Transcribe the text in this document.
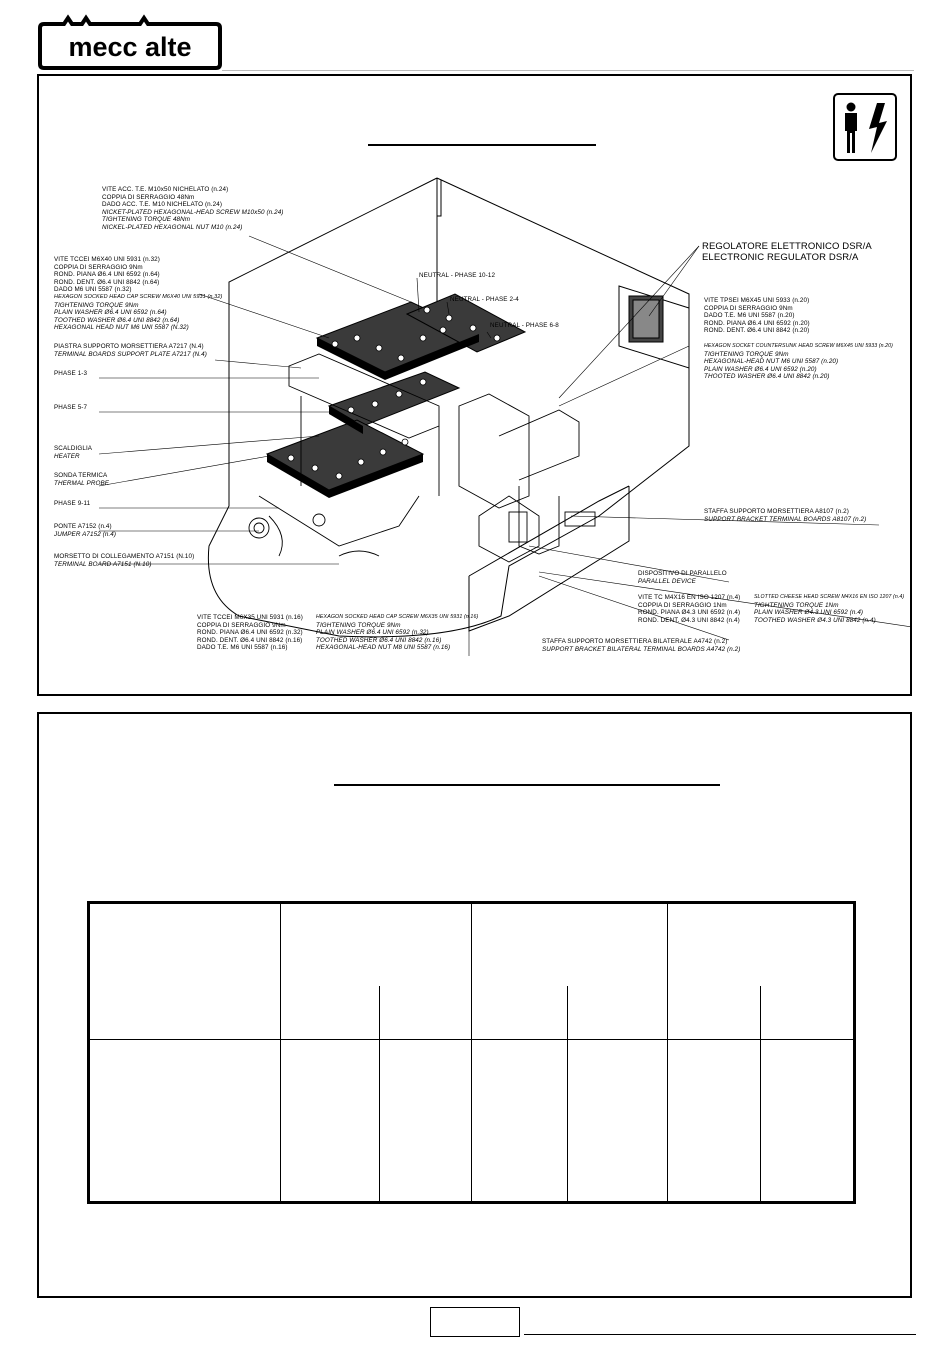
mecc alte
VITE ACC. T.E. M10x50 NICHELATO (n.24)
COPPIA DI SERRAGGIO 48Nm
DADO ACC. T.E. M10 NICHELATO (n.24)
NICKET-PLATED HEXAGONAL-HEAD SCREW M10x50 (n.24)
TIGHTENING TORQUE 48Nm
NICKEL-PLATED HEXAGONAL NUT M10 (n.24)
VITE TCCEI M6X40 UNI 5931 (n.32)
COPPIA DI SERRAGGIO 9Nm
ROND. PIANA Ø6.4 UNI 6592 (n.64)
ROND. DENT. Ø6.4 UNI 8842 (n.64)
DADO M6 UNI 5587 (n.32)
HEXAGON SOCKED HEAD CAP SCREW M6X40 UNI 5931 (n.32)
TIGHTENING TORQUE 9Nm
PLAIN WASHER Ø6.4 UNI 6592 (n.64)
TOOTHED WASHER Ø6.4 UNI 8842 (n.64)
HEXAGONAL HEAD NUT M6 UNI 5587 (N.32)
PIASTRA SUPPORTO MORSETTIERA A7217 (N.4)
TERMINAL BOARDS SUPPORT PLATE A7217 (N.4)
PHASE 1-3
PHASE 5-7
SCALDIGLIA
HEATER
SONDA TERMICA
THERMAL PROBE
PHASE 9-11
PONTE A7152 (n.4)
JUMPER A7152 (n.4)
MORSETTO DI COLLEGAMENTO A7151 (N.10)
TERMINAL BOARD A7151 (N.10)
NEUTRAL - PHASE 10-12
NEUTRAL - PHASE 2-4
NEUTRAL - PHASE 6-8
REGOLATORE ELETTRONICO DSR/A
ELECTRONIC REGULATOR DSR/A
VITE TPSEI M6X45 UNI 5933 (n.20)
COPPIA DI SERRAGGIO 9Nm
DADO T.E. M6 UNI 5587 (n.20)
ROND. PIANA Ø6.4 UNI 6592 (n.20)
ROND. DENT. Ø6.4 UNI 8842 (n.20)
HEXAGON SOCKET COUNTERSUNK HEAD SCREW M6X45 UNI 5933 (n.20)
TIGHTENING TORQUE 9Nm
HEXAGONAL-HEAD NUT M6 UNI 5587 (n.20)
PLAIN WASHER Ø6.4 UNI 6592 (n.20)
THOOTED WASHER Ø6.4 UNI 8842 (n.20)
STAFFA SUPPORTO MORSETTIERA A8107 (n.2)
SUPPORT BRACKET TERMINAL BOARDS A8107 (n.2)
DISPOSITIVO DI PARALLELO
PARALLEL DEVICE
VITE TC M4X16 EN ISO 1207 (n.4)
COPPIA DI SERRAGGIO 1Nm
ROND. PIANA Ø4.3 UNI 6592 (n.4)
ROND. DENT. Ø4.3 UNI 8842 (n.4)
SLOTTED CHEESE HEAD SCREW M4X16 EN ISO 1207 (n.4)
TIGHTENING TORQUE 1Nm
PLAIN WASHER Ø4.3 UNI 6592 (n.4)
TOOTHED WASHER Ø4.3 UNI 8842 (n.4)
STAFFA SUPPORTO MORSETTIERA BILATERALE A4742 (n.2)
SUPPORT BRACKET BILATERAL TERMINAL BOARDS A4742 (n.2)
VITE TCCEI M6X35 UNI 5931 (n.16)
COPPIA DI SERRAGGIO 9Nm
ROND. PIANA Ø6.4 UNI 6592 (n.32)
ROND. DENT. Ø6.4 UNI 8842 (n.16)
DADO T.E. M6 UNI 5587 (n.16)
HEXAGON SOCKED HEAD CAP SCREW M6X35 UNI 5931 (n.16)
TIGHTENING TORQUE 9Nm
PLAIN WASHER Ø6.4 UNI 6592 (n.32)
TOOTHED WASHER Ø6.4 UNI 8842 (n.16)
HEXAGONAL-HEAD NUT M8 UNI 5587 (n.16)
